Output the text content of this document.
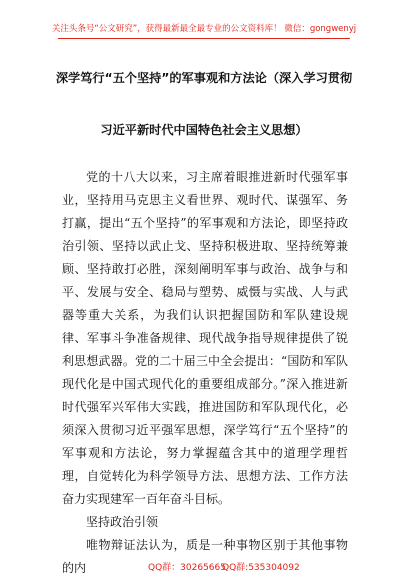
关注头条号“公文研究”，获得最新最全最专业的公文资料库！ 微信：gongwenyj
深学笃行“五个坚持”的军事观和方法论（深入学习贯彻
习近平新时代中国特色社会主义思想）

党的十八大以来，习主席着眼推进新时代强军事业，坚持用马克思主义看世界、观时代、谋强军、务打赢，提出“五个坚持”的军事观和方法论，即坚持政治引领、坚持以武止戈、坚持积极进取、坚持统筹兼顾、坚持敢打必胜，深刻阐明军事与政治、战争与和平、发展与安全、稳局与塑势、威慑与实战、人与武器等重大关系，为我们认识把握国防和军队建设规律、军事斗争准备规律、现代战争指导规律提供了锐利思想武器。党的二十届三中全会提出：“国防和军队现代化是中国式现代化的重要组成部分。”深入推进新时代强军兴军伟大实践，推进国防和军队现代化，必须深入贯彻习近平强军思想，深学笃行“五个坚持”的军事观和方法论，努力掌握蕴含其中的道理学理哲理，自觉转化为科学领导方法、思想方法、工作方法奋力实现建军一百年奋斗目标。

坚持政治引领

唯物辩证法认为，质是一种事物区别于其他事物的内	QQ群：30265665
QQ群:535304092
